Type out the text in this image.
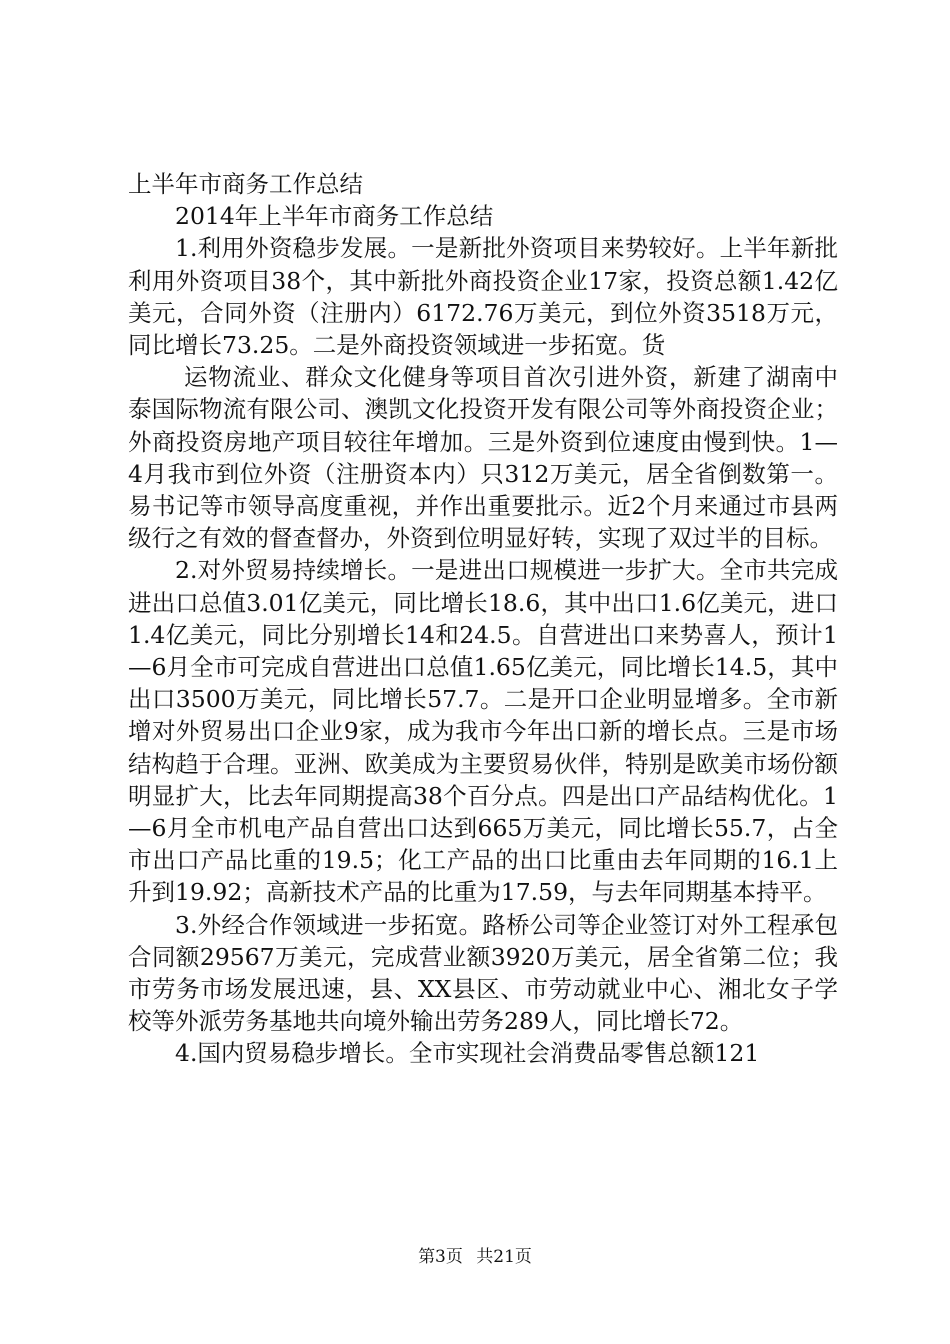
上半年市商务工作总结

2014年上半年市商务工作总结

1.利用外资稳步发展。一是新批外资项目来势较好。上半年新批利用外资项目38个，其中新批外商投资企业17家，投资总额1.42亿美元，合同外资（注册内）6172.76万美元，到位外资3518万元，同比增长73.25。二是外商投资领域进一步拓宽。货

运物流业、群众文化健身等项目首次引进外资，新建了湖南中泰国际物流有限公司、澳凯文化投资开发有限公司等外商投资企业；外商投资房地产项目较往年增加。三是外资到位速度由慢到快。1—4月我市到位外资（注册资本内）只312万美元，居全省倒数第一。易书记等市领导高度重视，并作出重要批示。近2个月来通过市县两级行之有效的督查督办，外资到位明显好转，实现了双过半的目标。

2.对外贸易持续增长。一是进出口规模进一步扩大。全市共完成进出口总值3.01亿美元，同比增长18.6，其中出口1.6亿美元，进口1.4亿美元，同比分别增长14和24.5。自营进出口来势喜人，预计1—6月全市可完成自营进出口总值1.65亿美元，同比增长14.5，其中出口3500万美元，同比增长57.7。二是开口企业明显增多。全市新增对外贸易出口企业9家，成为我市今年出口新的增长点。三是市场结构趋于合理。亚洲、欧美成为主要贸易伙伴，特别是欧美市场份额明显扩大，比去年同期提高38个百分点。四是出口产品结构优化。1—6月全市机电产品自营出口达到665万美元，同比增长55.7，占全市出口产品比重的19.5；化工产品的出口比重由去年同期的16.1上升到19.92；高新技术产品的比重为17.59，与去年同期基本持平。

3.外经合作领域进一步拓宽。路桥公司等企业签订对外工程承包合同额29567万美元，完成营业额3920万美元，居全省第二位；我市劳务市场发展迅速，县、XX县区、市劳动就业中心、湘北女子学校等外派劳务基地共向境外输出劳务289人，同比增长72。

4.国内贸易稳步增长。全市实现社会消费品零售总额121

第3页 共21页
